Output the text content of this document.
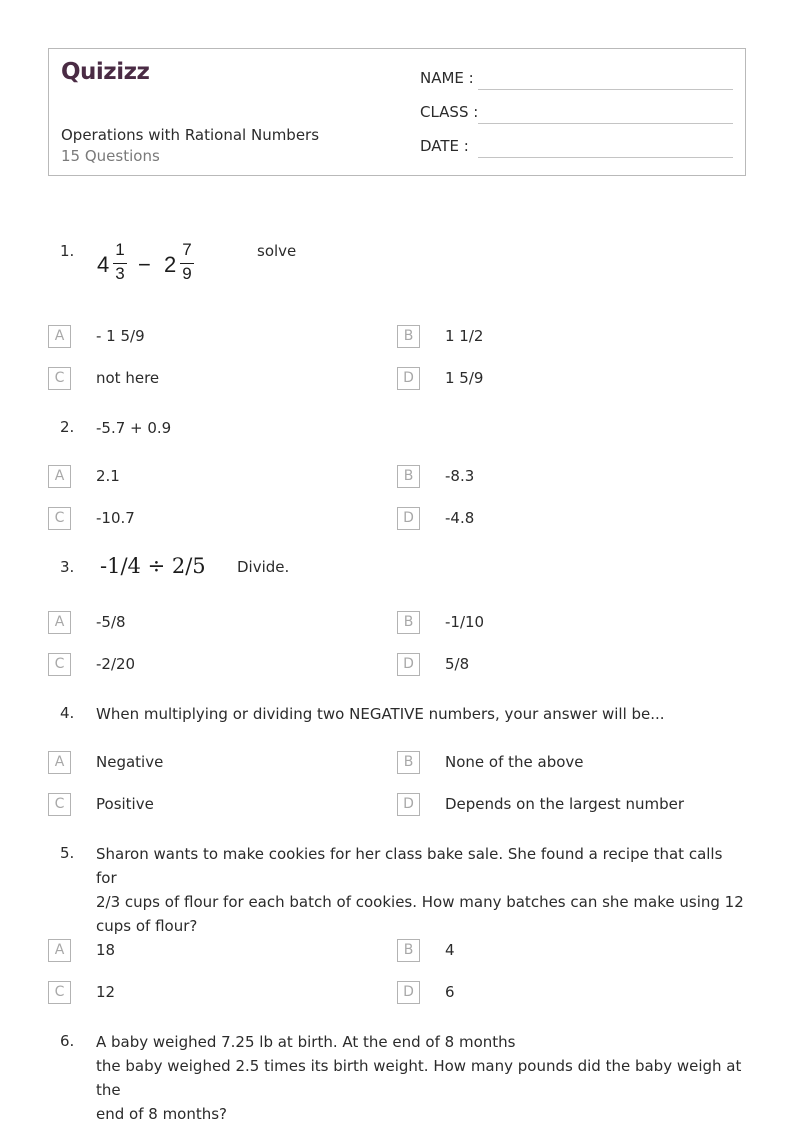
Quizizz
Operations with Rational Numbers
15 Questions
NAME :
CLASS :
DATE :
1.
4
1
3 − 2
7
9
solve
A	- 1 5/9	B	1 1/2
C	not here	D	1 5/9
2. -5.7 + 0.9
A	2.1	B	-8.3
C	-10.7	D	-4.8
3. -1/4 ÷ 2/5 Divide.
A	-5/8	B	-1/10
C	-2/20	D	5/8
4. When multiplying or dividing two NEGATIVE numbers, your answer will be...
A	Negative	B	None of the above
C	Positive	D	Depends on the largest number
5. Sharon wants to make cookies for her class bake sale. She found a recipe that calls for
2/3 cups of flour for each batch of cookies. How many batches can she make using 12
cups of flour?
A	18	B	4
C	12	D	6
6. A baby weighed 7.25 lb at birth. At the end of 8 months
the baby weighed 2.5 times its birth weight. How many pounds did the baby weigh at the
end of 8 months?
